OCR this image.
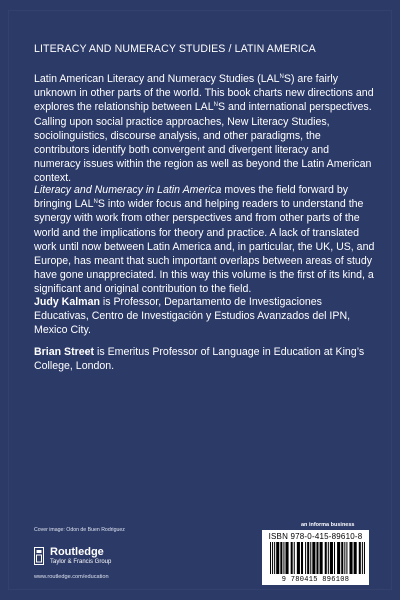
LITERACY AND NUMERACY STUDIES / LATIN AMERICA

Latin American Literacy and Numeracy Studies $(LAL^NS)$ are fairly unknown in other parts of the world. This book charts new directions and explores the relationship between $LAL^NS$ and international perspectives. Calling upon social practice approaches, New Literacy Studies, sociolinguistics, discourse analysis, and other paradigms, the contributors identify both convergent and divergent literacy and numeracy issues within the region as well as beyond the Latin American context.

Literacy and Numeracy in Latin America moves the field forward by bringing $LAL^NS$ into wider focus and helping readers to understand the synergy with work from other perspectives and from other parts of the world and the implications for theory and practice. A lack of translated work until now between Latin America and, in particular, the UK, US, and Europe, has meant that such important overlaps between areas of study have gone unappreciated. In this way this volume is the first of its kind, a significant and original contribution to the field.

Judy Kalman is Professor, Departamento de Investigaciones Educativas, Centro de Investigación y Estudios Avanzados del IPN, Mexico City.

Brian Street is Emeritus Professor of Language in Education at King’s College, London.

Cover image: Odon de Buen Rodriguez
Routledge
Taylor & Francis Group
www.routledge.com/education
an informa business
ISBN 978-0-415-89610-8
9 780415 896108
